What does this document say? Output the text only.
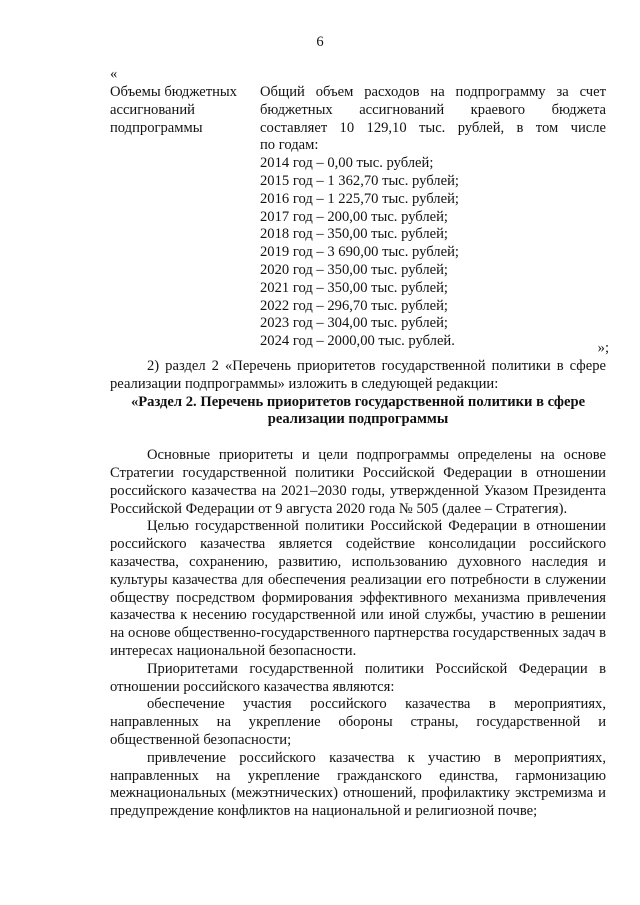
6
«
Объемы бюджетных
ассигнований
подпрограммы
Общий объем расходов на подпрограмму за счет
бюджетных ассигнований краевого бюджета
составляет 10 129,10 тыс. рублей, в том числе
по годам:
2014 год – 0,00 тыс. рублей;
2015 год – 1 362,70 тыс. рублей;
2016 год – 1 225,70 тыс. рублей;
2017 год – 200,00 тыс. рублей;
2018 год – 350,00 тыс. рублей;
2019 год – 3 690,00 тыс. рублей;
2020 год – 350,00 тыс. рублей;
2021 год – 350,00 тыс. рублей;
2022 год – 296,70 тыс. рублей;
2023 год – 304,00 тыс. рублей;
2024 год – 2000,00 тыс. рублей.	»;

2) раздел 2 «Перечень приоритетов государственной политики в сфере реализации подпрограммы» изложить в следующей редакции:

«Раздел 2. Перечень приоритетов государственной политики в сфере
реализации подпрограммы

Основные приоритеты и цели подпрограммы определены на основе Стратегии государственной политики Российской Федерации в отношении российского казачества на 2021–2030 годы, утвержденной Указом Президента Российской Федерации от 9 августа 2020 года № 505 (далее – Стратегия).

Целью государственной политики Российской Федерации в отношении российского казачества является содействие консолидации российского казачества, сохранению, развитию, использованию духовного наследия и культуры казачества для обеспечения реализации его потребности в служении обществу посредством формирования эффективного механизма привлечения казачества к несению государственной или иной службы, участию в решении на основе общественно-государственного партнерства государственных задач в интересах национальной безопасности.

Приоритетами государственной политики Российской Федерации в отношении российского казачества являются:

обеспечение участия российского казачества в мероприятиях, направленных на укрепление обороны страны, государственной и общественной безопасности;

привлечение российского казачества к участию в мероприятиях, направленных на укрепление гражданского единства, гармонизацию межнациональных (межэтнических) отношений, профилактику экстремизма и предупреждение конфликтов на национальной и религиозной почве;
